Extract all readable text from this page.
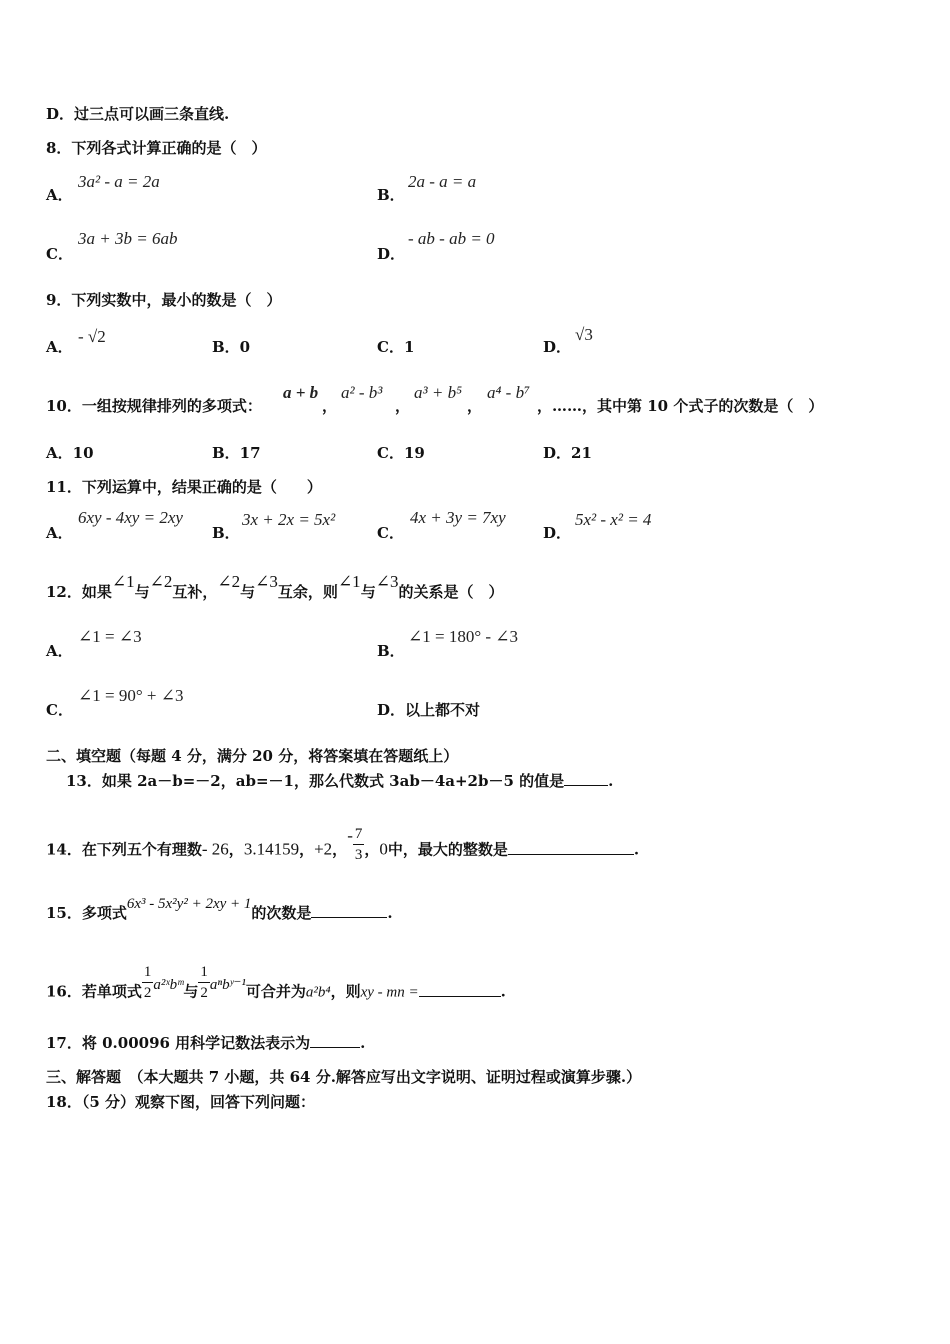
D．过三点可以画三条直线.
8．下列各式计算正确的是（　）
A．
3a² - a = 2a
B．
2a - a = a
C．
3a + 3b = 6ab
D．
- ab - ab = 0
9．下列实数中，最小的数是（　）
A．
- √2
B．0	C．1	D．
√3
10．一组按规律排列的多项式：
a + b
，
a² - b³
，
a³ + b⁵
，
a⁴ - b⁷
，……，其中第 10 个式子的次数是（　）
A．10	B．17	C．19	D．21
11．下列运算中，结果正确的是（　　）
A．
6xy - 4xy = 2xy
B．
3x + 2x = 5x²
C．
4x + 3y = 7xy
D．
5x² - x² = 4
12．如果∠1与∠2互补，∠2与∠3互余，则∠1与∠3的关系是（　）
A．
∠1 = ∠3
B．
∠1 = 180° - ∠3
C．
∠1 = 90° + ∠3
D．以上都不对
二、填空题（每题 4 分，满分 20 分，将答案填在答题纸上）
13．如果 2a－b=－2，ab=－1，那么代数式 3ab－4a+2b－5 的值是	.
14．在下列五个有理数- 26，3.14159，+2，- $\frac{7}{3}$ ，0中，最大的整数是	.
15．多项式6x³ - 5x²y² + 2xy + 1的次数是	.
16．若单项式 $\frac{1}{2}$ a²ˣbᵐ与 $\frac{1}{2}$ aⁿbʸ⁻¹可合并为a²b⁴，则xy - mn =	.
17．将 0.00096 用科学记数法表示为	.
三、解答题　（本大题共 7 小题，共 64 分.解答应写出文字说明、证明过程或演算步骤.）
18．（5 分）观察下图，回答下列问题：
